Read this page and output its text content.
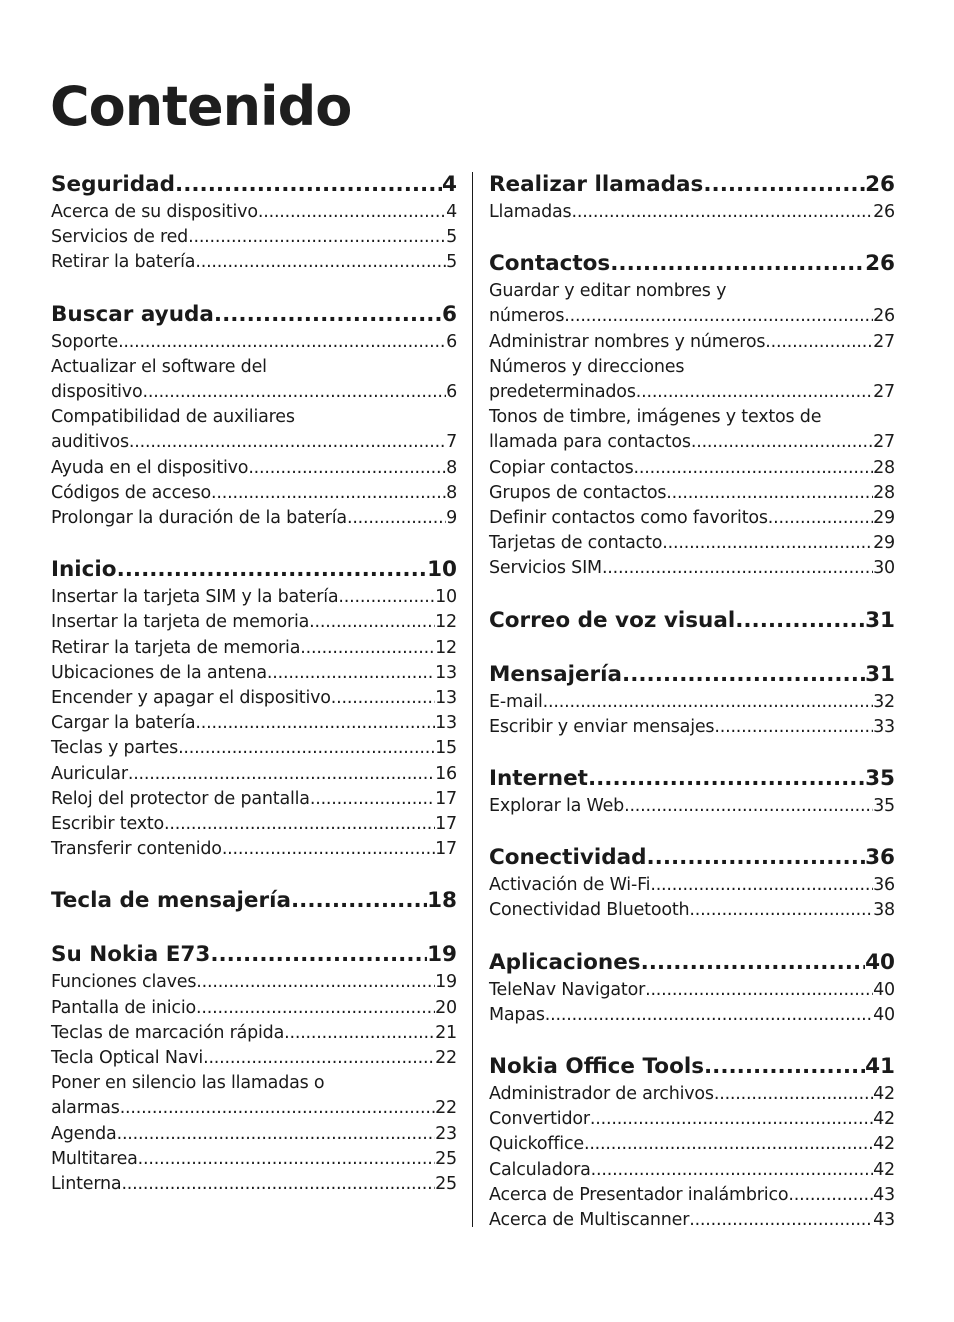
Contenido
Seguridad .....	4
Acerca de su dispositivo .....	4
Servicios de red .....	5
Retirar la batería .....	5
Buscar ayuda .....	6
Soporte .....	6
Actualizar el software del
dispositivo .....	6
Compatibilidad de auxiliares
auditivos .....	7
Ayuda en el dispositivo .....	8
Códigos de acceso .....	8
Prolongar la duración de la batería .....	9
Inicio .....	10
Insertar la tarjeta SIM y la batería .....	10
Insertar la tarjeta de memoria .....	12
Retirar la tarjeta de memoria .....	12
Ubicaciones de la antena .....	13
Encender y apagar el dispositivo .....	13
Cargar la batería .....	13
Teclas y partes .....	15
Auricular .....	16
Reloj del protector de pantalla .....	17
Escribir texto .....	17
Transferir contenido .....	17
Tecla de mensajería .....	18
Su Nokia E73 .....	19
Funciones claves .....	19
Pantalla de inicio .....	20
Teclas de marcación rápida .....	21
Tecla Optical Navi .....	22
Poner en silencio las llamadas o
alarmas .....	22
Agenda .....	23
Multitarea .....	25
Linterna .....	25
Realizar llamadas .....	26
Llamadas .....	26
Contactos .....	26
Guardar y editar nombres y
números .....	26
Administrar nombres y números .....	27
Números y direcciones
predeterminados .....	27
Tonos de timbre, imágenes y textos de
llamada para contactos .....	27
Copiar contactos .....	28
Grupos de contactos .....	28
Definir contactos como favoritos .....	29
Tarjetas de contacto .....	29
Servicios SIM .....	30
Correo de voz visual .....	31
Mensajería .....	31
E-mail .....	32
Escribir y enviar mensajes .....	33
Internet .....	35
Explorar la Web .....	35
Conectividad .....	36
Activación de Wi-Fi .....	36
Conectividad Bluetooth .....	38
Aplicaciones .....	40
TeleNav Navigator .....	40
Mapas .....	40
Nokia Office Tools .....	41
Administrador de archivos .....	42
Convertidor .....	42
Quickoffice .....	42
Calculadora .....	42
Acerca de Presentador inalámbrico .....	43
Acerca de Multiscanner .....	43
